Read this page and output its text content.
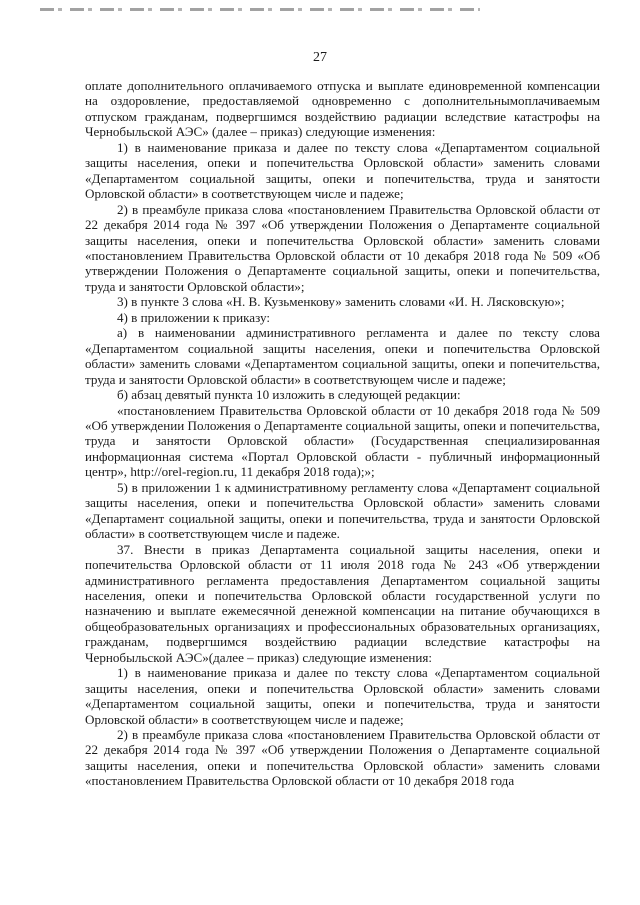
27

оплате дополнительного оплачиваемого отпуска и выплате единовременной компенсации на оздоровление, предоставляемой одновременно с дополнительнымоплачиваемым отпуском гражданам, подвергшимся воздействию радиации вследствие катастрофы на Чернобыльской АЭС» (далее – приказ) следующие изменения:

1) в наименование приказа и далее по тексту слова «Департаментом социальной защиты населения, опеки и попечительства Орловской области» заменить словами «Департаментом социальной защиты, опеки и попечительства, труда и занятости Орловской области» в соответствующем числе и падеже;

2) в преамбуле приказа слова «постановлением Правительства Орловской области от 22 декабря 2014 года № 397 «Об утверждении Положения о Департаменте социальной защиты населения, опеки и попечительства Орловской области» заменить словами «постановлением Правительства Орловской области от 10 декабря 2018 года № 509 «Об утверждении Положения о Департаменте социальной защиты, опеки и попечительства, труда и занятости Орловской области»;

3) в пункте 3 слова «Н. В. Кузьменкову» заменить словами «И. Н. Лясковскую»;

4) в приложении к приказу:

а) в наименовании административного регламента и далее по тексту слова «Департаментом социальной защиты населения, опеки и попечительства Орловской области» заменить словами «Департаментом социальной защиты, опеки и попечительства, труда и занятости Орловской области» в соответствующем числе и падеже;

б) абзац девятый пункта 10 изложить в следующей редакции:

«постановлением Правительства Орловской области от 10 декабря 2018 года № 509 «Об утверждении Положения о Департаменте социальной защиты, опеки и попечительства, труда и занятости Орловской области» (Государственная специализированная информационная система «Портал Орловской области - публичный информационный центр», http://orel-region.ru, 11 декабря 2018 года);»;

5) в приложении 1 к административному регламенту слова «Департамент социальной защиты населения, опеки и попечительства Орловской области» заменить словами «Департамент социальной защиты, опеки и попечительства, труда и занятости Орловской области» в соответствующем числе и падеже.

37. Внести в приказ Департамента социальной защиты населения, опеки и попечительства Орловской области от 11 июля 2018 года № 243 «Об утверждении административного регламента предоставления Департаментом социальной защиты населения, опеки и попечительства Орловской области государственной услуги по назначению и выплате ежемесячной денежной компенсации на питание обучающихся в общеобразовательных организациях и профессиональных образовательных организациях, гражданам, подвергшимся воздействию радиации вследствие катастрофы на Чернобыльской АЭС»(далее – приказ) следующие изменения:

1) в наименование приказа и далее по тексту слова «Департаментом социальной защиты населения, опеки и попечительства Орловской области» заменить словами «Департаментом социальной защиты, опеки и попечительства, труда и занятости Орловской области» в соответствующем числе и падеже;

2) в преамбуле приказа слова «постановлением Правительства Орловской области от 22 декабря 2014 года № 397 «Об утверждении Положения о Департаменте социальной защиты населения, опеки и попечительства Орловской области» заменить словами «постановлением Правительства Орловской области от 10 декабря 2018 года
